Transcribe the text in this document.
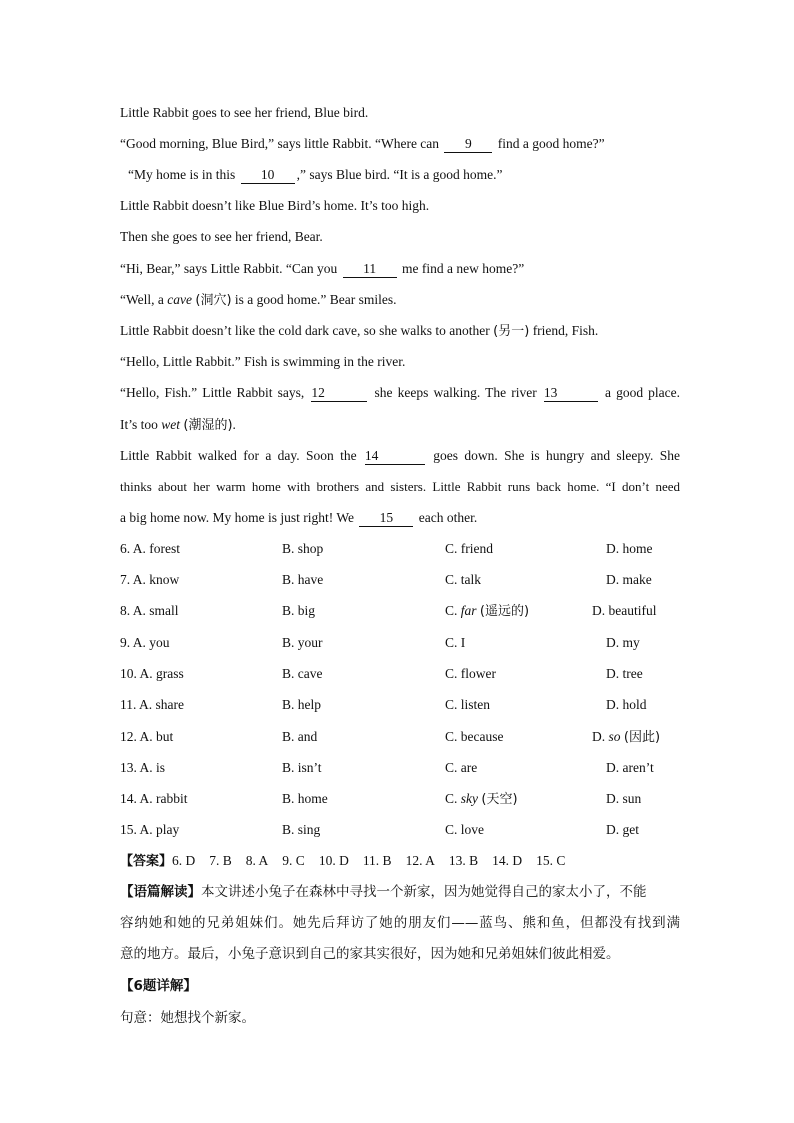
Little Rabbit goes to see her friend, Blue bird.
“Good morning, Blue Bird,” says little Rabbit. “Where can 9 find a good home?”
“My home is in this 10 ,” says Blue bird. “It is a good home.”
Little Rabbit doesn’t like Blue Bird’s home. It’s too high.
Then she goes to see her friend, Bear.
“Hi, Bear,” says Little Rabbit. “Can you 11 me find a new home?”
“Well, a cave (洞穴) is a good home.” Bear smiles.
Little Rabbit doesn’t like the cold dark cave, so she walks to another (另一) friend, Fish.
“Hello, Little Rabbit.” Fish is swimming in the river.
“Hello, Fish.” Little Rabbit says, 12	she keeps walking. The river 13	a good place.
It’s too wet (潮湿的).
Little Rabbit walked for a day. Soon the 14	goes down. She is hungry and sleepy. She
thinks about her warm home with brothers and sisters. Little Rabbit runs back home. “I don’t need
a big home now. My home is just right! We 15 each other.
6. A. forest	B. shop	C. friend	D. home
7. A. know	B. have	C. talk	D. make
8. A. small	B. big	C. far (遥远的)	D. beautiful
9. A. you	B. your	C. I	D. my
10. A. grass	B. cave	C. flower	D. tree
11. A. share	B. help	C. listen	D. hold
12. A. but	B. and	C. because	D. so (因此)
13. A. is	B. isn’t	C. are	D. aren’t
14. A. rabbit	B. home	C. sky (天空)	D. sun
15. A. play	B. sing	C. love	D. get
【答案】6. D 7. B 8. A 9. C 10. D 11. B 12. A 13. B 14. D 15. C
【语篇解读】本文讲述小兔子在森林中寻找一个新家，因为她觉得自己的家太小了，不能
容纳她和她的兄弟姐妹们。她先后拜访了她的朋友们——蓝鸟、熊和鱼，但都没有找到满
意的地方。最后，小兔子意识到自己的家其实很好，因为她和兄弟姐妹们彼此相爱。
【6题详解】
句意：她想找个新家。
